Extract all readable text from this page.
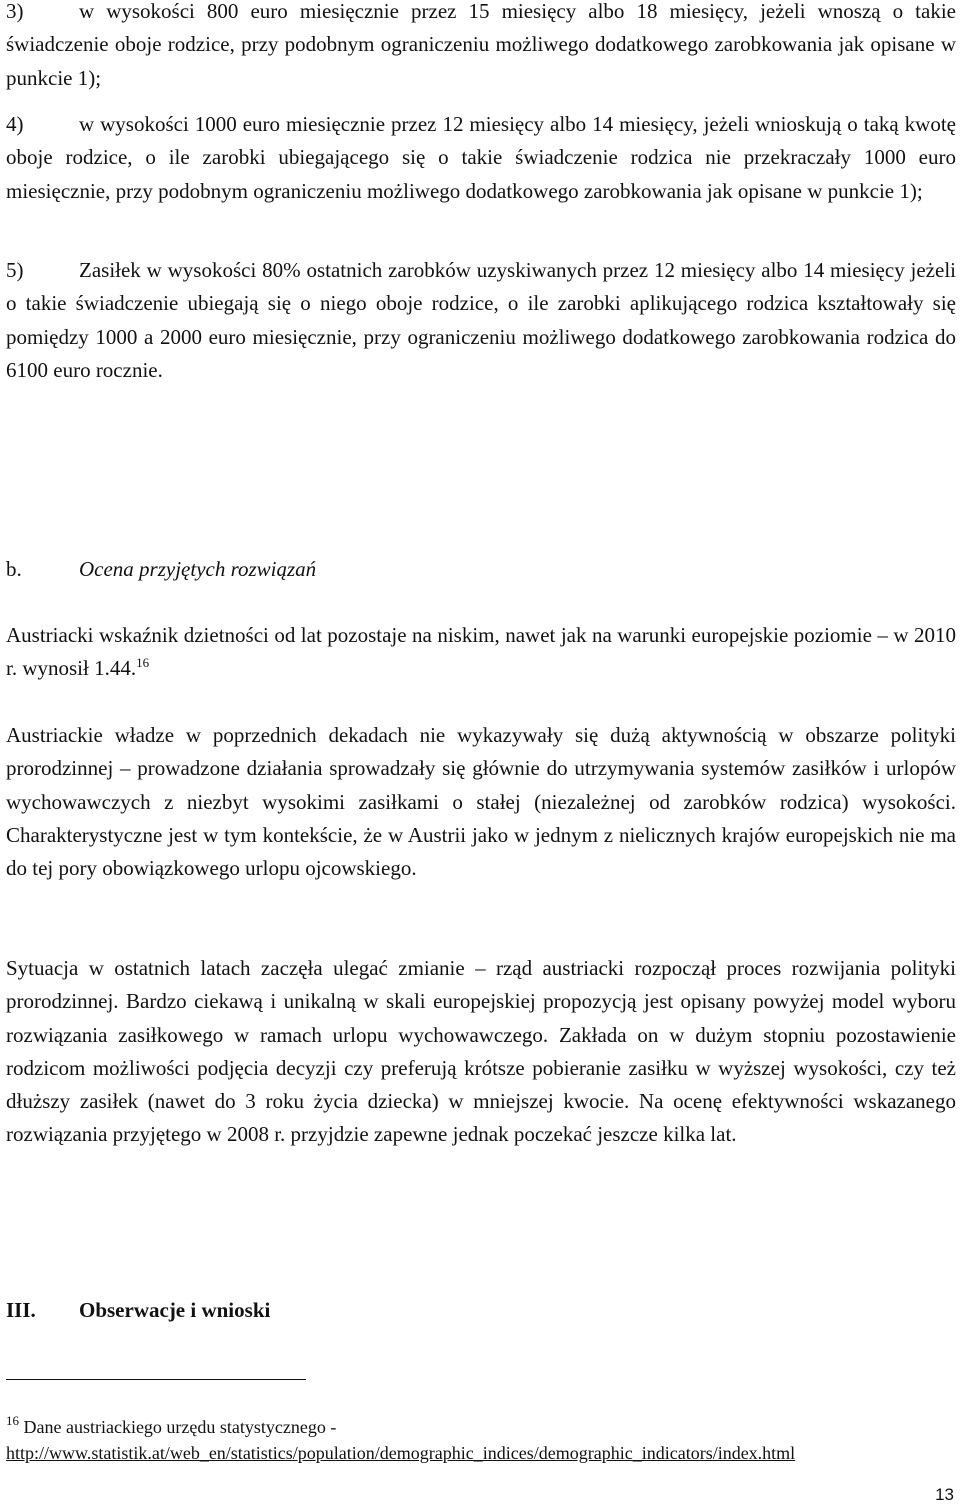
3)	w wysokości 800 euro miesięcznie przez 15 miesięcy albo 18 miesięcy, jeżeli wnoszą o takie świadczenie oboje rodzice, przy podobnym ograniczeniu możliwego dodatkowego zarobkowania jak opisane w punkcie 1);

4)	w wysokości 1000 euro miesięcznie przez 12 miesięcy albo 14 miesięcy, jeżeli wnioskują o taką kwotę oboje rodzice, o ile zarobki ubiegającego się o takie świadczenie rodzica nie przekraczały 1000 euro miesięcznie, przy podobnym ograniczeniu możliwego dodatkowego zarobkowania jak opisane w punkcie 1);

5)	Zasiłek w wysokości 80% ostatnich zarobków uzyskiwanych przez 12 miesięcy albo 14 miesięcy jeżeli o takie świadczenie ubiegają się o niego oboje rodzice, o ile zarobki aplikującego rodzica kształtowały się pomiędzy 1000 a 2000 euro miesięcznie, przy ograniczeniu możliwego dodatkowego zarobkowania rodzica do 6100 euro rocznie.

b.	Ocena przyjętych rozwiązań

Austriacki wskaźnik dzietności od lat pozostaje na niskim, nawet jak na warunki europejskie poziomie – w 2010 r. wynosił 1.44.16

Austriackie władze w poprzednich dekadach nie wykazywały się dużą aktywnością w obszarze polityki prorodzinnej – prowadzone działania sprowadzały się głównie do utrzymywania systemów zasiłków i urlopów wychowawczych z niezbyt wysokimi zasiłkami o stałej (niezależnej od zarobków rodzica) wysokości. Charakterystyczne jest w tym kontekście, że w Austrii jako w jednym z nielicznych krajów europejskich nie ma do tej pory obowiązkowego urlopu ojcowskiego.

Sytuacja w ostatnich latach zaczęła ulegać zmianie – rząd austriacki rozpoczął proces rozwijania polityki prorodzinnej. Bardzo ciekawą i unikalną w skali europejskiej propozycją jest opisany powyżej model wyboru rozwiązania zasiłkowego w ramach urlopu wychowawczego. Zakłada on w dużym stopniu pozostawienie rodzicom możliwości podjęcia decyzji czy preferują krótsze pobieranie zasiłku w wyższej wysokości, czy też dłuższy zasiłek (nawet do 3 roku życia dziecka) w mniejszej kwocie. Na ocenę efektywności wskazanego rozwiązania przyjętego w 2008 r. przyjdzie zapewne jednak poczekać jeszcze kilka lat.

III. Obserwacje i wnioski
$^{16}$ Dane austriackiego urzędu statystycznego -
http://www.statistik.at/web_en/statistics/population/demographic_indices/demographic_indicators/index.html
13
